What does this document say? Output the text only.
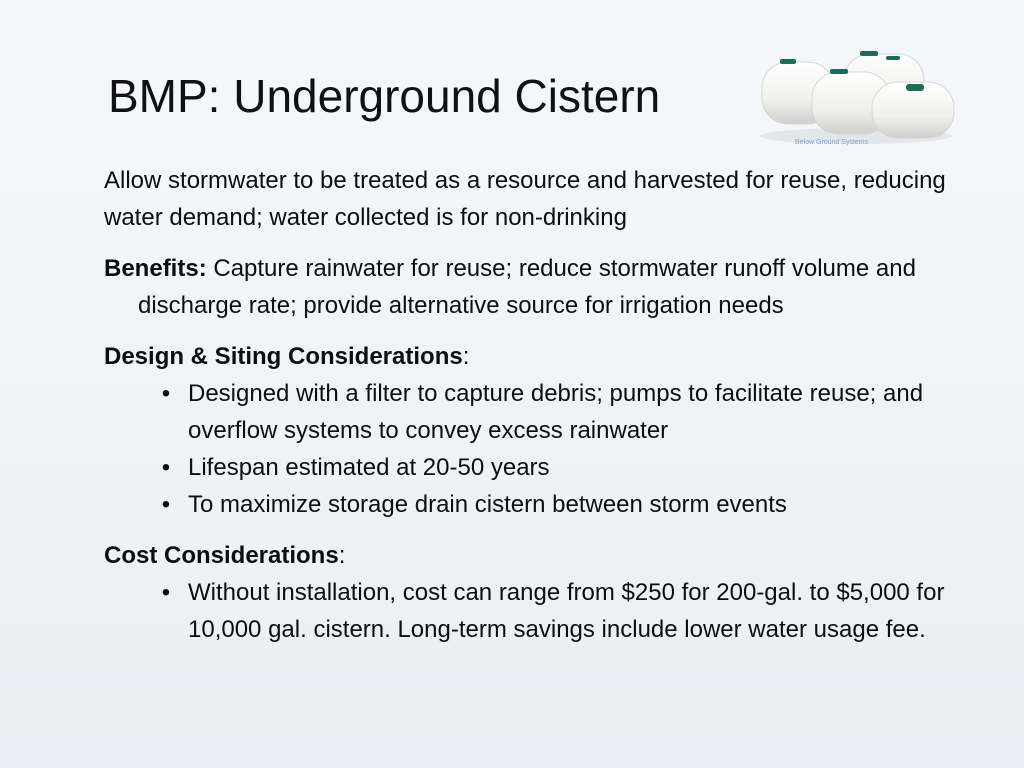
BMP: Underground Cistern
Below Ground Systems

Allow stormwater to be treated as a resource and harvested for reuse, reducing water demand; water collected is for non-drinking

Benefits: Capture rainwater for reuse; reduce stormwater runoff volume and discharge rate; provide alternative source for irrigation needs

Design & Siting Considerations:

• Designed with a filter to capture debris; pumps to facilitate reuse; and overflow systems to convey excess rainwater
• Lifespan estimated at 20-50 years
• To maximize storage drain cistern between storm events

Cost Considerations:

• Without installation, cost can range from $250 for 200-gal. to $5,000 for 10,000 gal. cistern. Long-term savings include lower water usage fee.
